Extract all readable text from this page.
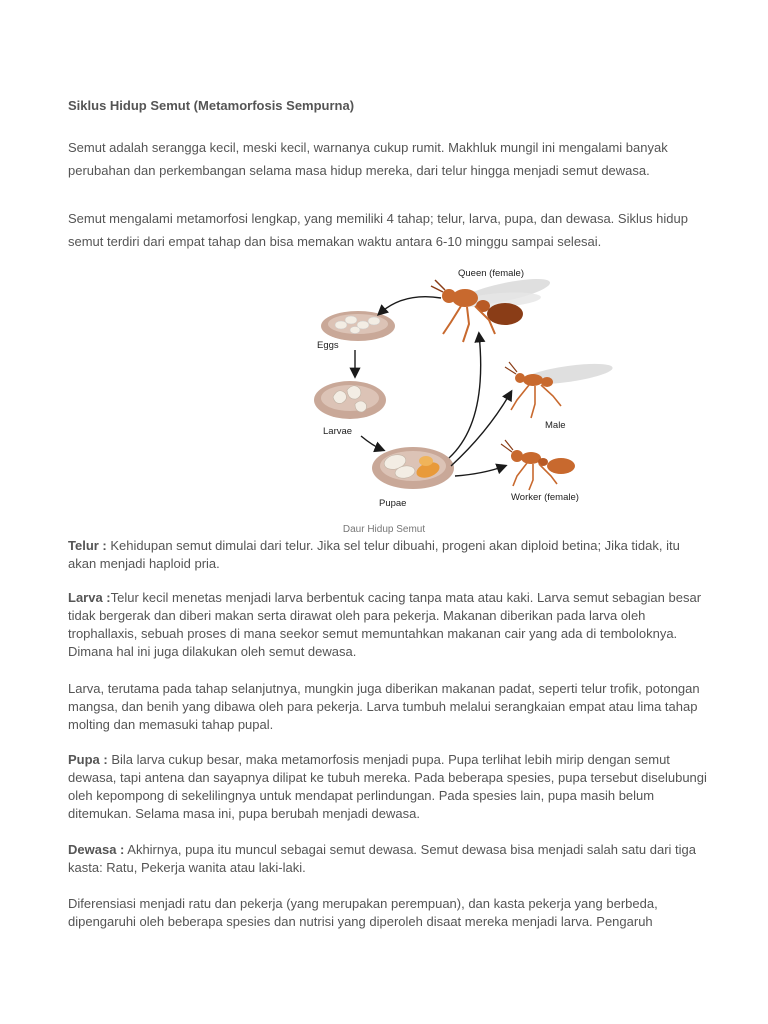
Siklus Hidup Semut (Metamorfosis Sempurna)
Semut adalah serangga kecil, meski kecil, warnanya cukup rumit. Makhluk mungil ini mengalami banyak perubahan dan perkembangan selama masa hidup mereka, dari telur hingga menjadi semut dewasa.
Semut mengalami metamorfosi lengkap, yang memiliki 4 tahap; telur, larva, pupa, dan dewasa. Siklus hidup semut terdiri dari empat tahap dan bisa memakan waktu antara 6-10 minggu sampai selesai.
Queen (female)
Eggs
Larvae
Pupae
Male
Worker (female)
Daur Hidup Semut
Telur : Kehidupan semut dimulai dari telur. Jika sel telur dibuahi, progeni akan diploid betina; Jika tidak, itu akan menjadi haploid pria.
Larva :Telur kecil menetas menjadi larva berbentuk cacing tanpa mata atau kaki. Larva semut sebagian besar tidak bergerak dan diberi makan serta dirawat oleh para pekerja. Makanan diberikan pada larva oleh trophallaxis, sebuah proses di mana seekor semut memuntahkan makanan cair yang ada di temboloknya. Dimana hal ini juga dilakukan oleh semut dewasa.
Larva, terutama pada tahap selanjutnya, mungkin juga diberikan makanan padat, seperti telur trofik, potongan mangsa, dan benih yang dibawa oleh para pekerja. Larva tumbuh melalui serangkaian empat atau lima tahap molting dan memasuki tahap pupal.
Pupa : Bila larva cukup besar, maka metamorfosis menjadi pupa. Pupa terlihat lebih mirip dengan semut dewasa, tapi antena dan sayapnya dilipat ke tubuh mereka. Pada beberapa spesies, pupa tersebut diselubungi oleh kepompong di sekelilingnya untuk mendapat perlindungan. Pada spesies lain, pupa masih belum ditemukan. Selama masa ini, pupa berubah menjadi dewasa.
Dewasa : Akhirnya, pupa itu muncul sebagai semut dewasa. Semut dewasa bisa menjadi salah satu dari tiga kasta: Ratu, Pekerja wanita atau laki-laki.
Diferensiasi menjadi ratu dan pekerja (yang merupakan perempuan), dan kasta pekerja yang berbeda, dipengaruhi oleh beberapa spesies dan nutrisi yang diperoleh disaat mereka menjadi larva. Pengaruh
